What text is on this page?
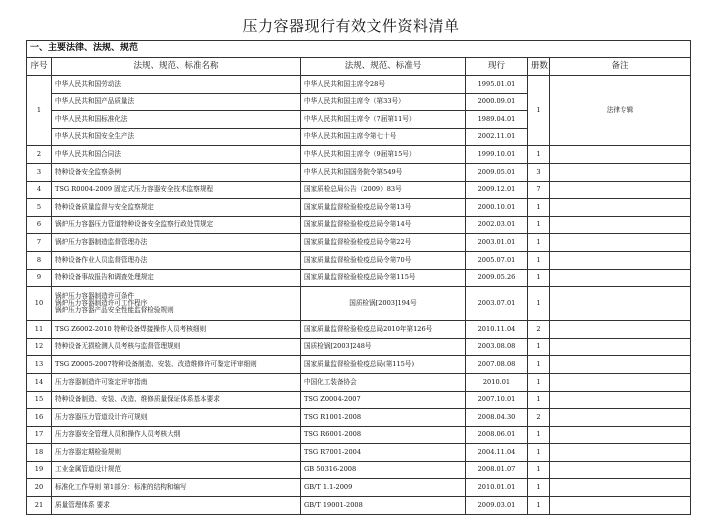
压力容器现行有效文件资料清单
一、主要法律、法规、规范					
序号	法规、规范、标准名称	法规、规范、标准号	现行	册数	备注
1	中华人民共和国劳动法	中华人民共和国主席令28号	1995.01.01	1	法律专辑
	中华人民共和国产品质量法	中华人民共和国主席令（第33号）	2000.09.01		
	中华人民共和国标准化法	中华人民共和国主席令（7届第11号）	1989.04.01		
	中华人民共和国安全生产法	中华人民共和国主席令第七十号	2002.11.01		
2	中华人民共和国合同法	中华人民共和国主席令（9届第15号）	1999.10.01	1	
3	特种设备安全监察条例	中华人民共和国国务院令第549号	2009.05.01	3	
4	TSG R0004-2009 固定式压力容器安全技术监察规程	国家质检总局公告（2009）83号	2009.12.01	7	
5	特种设备质量监督与安全监察规定	国家质量监督检验检疫总局令第13号	2000.10.01	1	
6	锅炉压力容器压力管道特种设备安全监察行政处罚规定	国家质量监督检验检疫总局令第14号	2002.03.01	1	
7	锅炉压力容器制造监督管理办法	国家质量监督检验检疫总局令第22号	2003.01.01	1	
8	特种设备作业人员监督管理办法	国家质量监督检验检疫总局令第70号	2005.07.01	1	
9	特种设备事故报告和调查处理规定	国家质量监督检验检疫总局令第115号	2009.05.26	1	
10	锅炉压力容器制造许可条件
锅炉压力容器制造许可工作程序
锅炉压力容器产品安全性能监督检验规则	国质检锅[2003]194号	2003.07.01	1	
11	TSG Z6002-2010 特种设备焊接操作人员考核细则	国家质量监督检验检疫总局2010年第126号	2010.11.04	2	
12	特种设备无损检测人员考核与监督管理规则	国质检锅[2003]248号	2003.08.08	1	
13	TSG Z0005-2007特种设备制造、安装、改造维修许可鉴定评审细则	国家质量监督检验检疫总局(第115号)	2007.08.08	1	
14	压力容器制造许可鉴定评审指南	中国化工装备协会	2010.01	1	
15	特种设备制造、安装、改造、维修质量保证体系基本要求	TSG Z0004-2007	2007.10.01	1	
16	压力容器压力管道设计许可规则	TSG R1001-2008	2008.04.30	2	
17	压力容器安全管理人员和操作人员考核大纲	TSG R6001-2008	2008.06.01	1	
18	压力容器定期检验规则	TSG R7001-2004	2004.11.04	1	
19	工业金属管道设计规范	GB 50316-2008	2008.01.07	1	
20	标准化工作导则 第1部分：标准的结构和编写	GB/T 1.1-2009	2010.01.01	1	
21	质量管理体系 要求	GB/T 19001-2008	2009.03.01	1	
